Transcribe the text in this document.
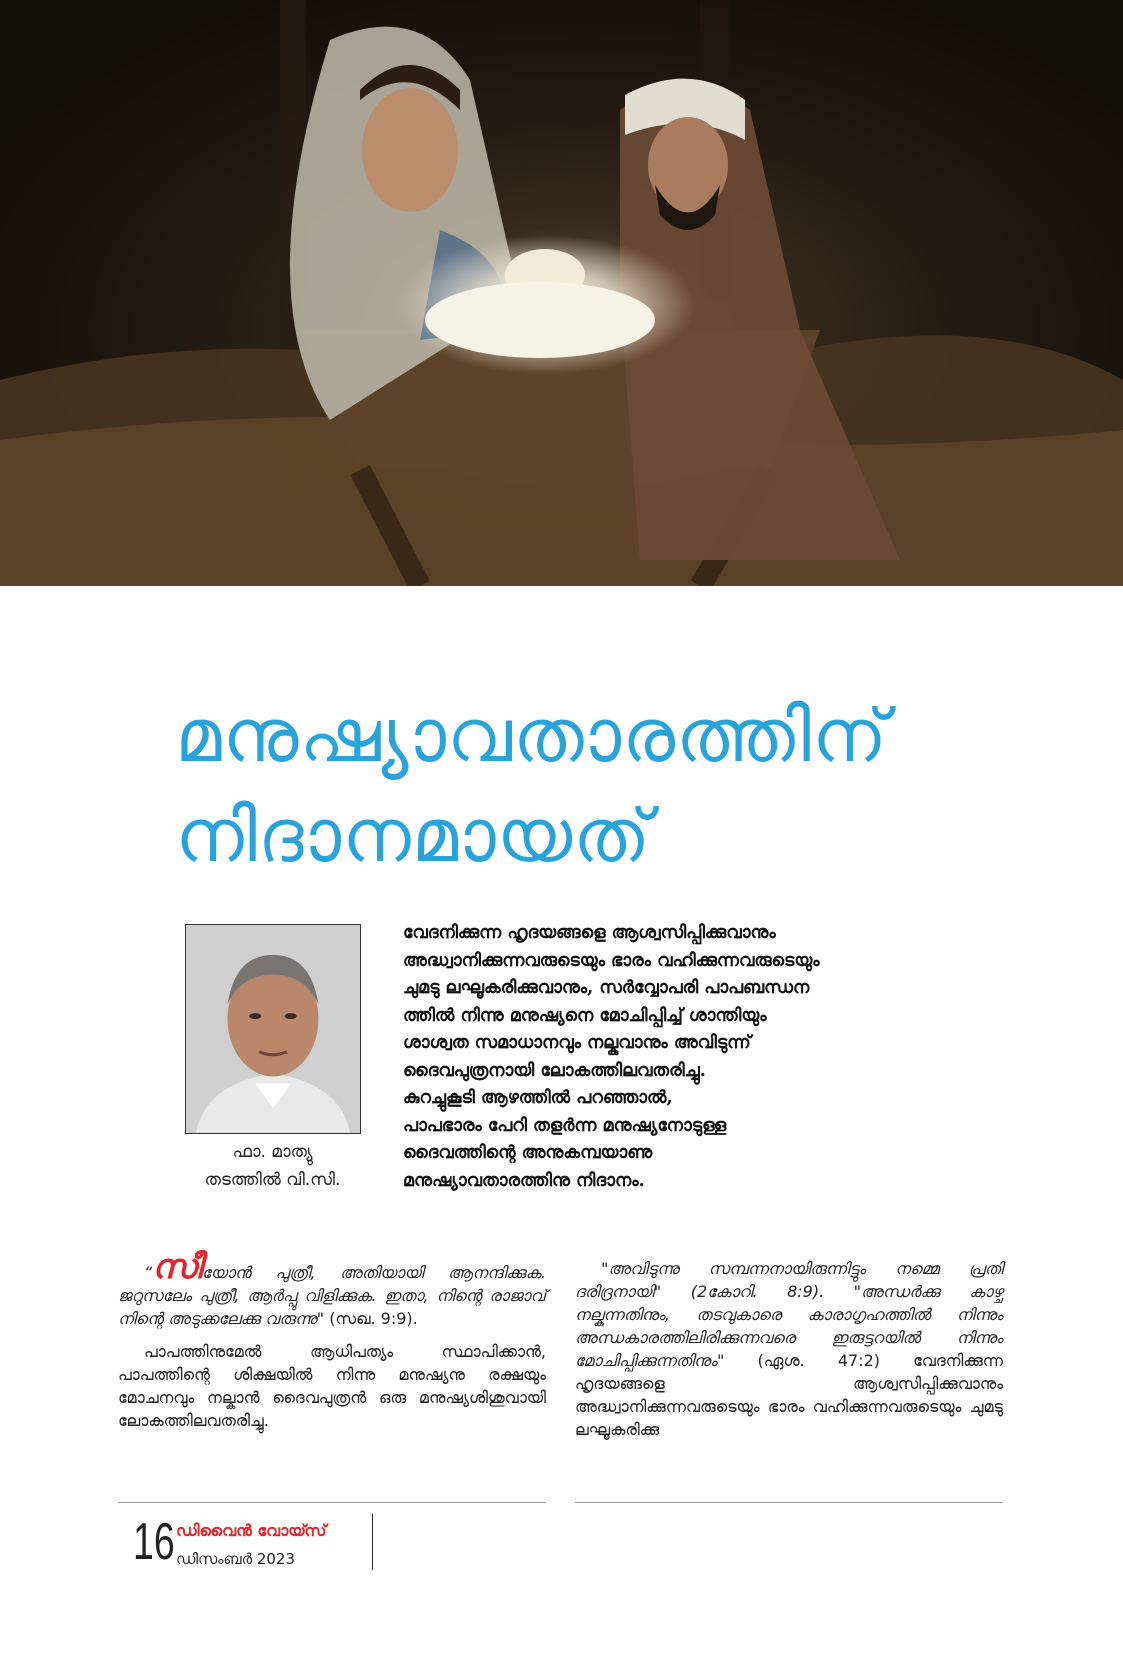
മനുഷ്യാവതാരത്തിന്
നിദാനമായത്
ഫാ. മാത്യു
തടത്തിൽ വി.സി.
വേദനിക്കുന്ന ഹൃദയങ്ങളെ ആശ്വസിപ്പിക്കുവാനും
അദ്ധ്വാനിക്കുന്നവരുടെയും ഭാരം വഹിക്കുന്നവരുടെയും
ചുമടു ലഘൂകരിക്കുവാനും, സർവ്വോപരി പാപബന്ധന
ത്തിൽ നിന്നു മനുഷ്യനെ മോചിപ്പിച്ച് ശാന്തിയും
ശാശ്വത സമാധാനവും നല്കുവാനും അവിടുന്ന്
ദൈവപുത്രനായി ലോകത്തിലവതരിച്ചു.
കുറച്ചുകൂടി ആഴത്തിൽ പറഞ്ഞാൽ,
പാപഭാരം പേറി തളർന്ന മനുഷ്യനോടുള്ള
ദൈവത്തിന്റെ അനുകമ്പയാണു
മനുഷ്യാവതാരത്തിനു നിദാനം.

“സീയോൻ പുത്രീ, അതിയായി ആനന്ദിക്കുക. ജറുസലേം പുത്രീ, ആർപ്പു വിളിക്കുക. ഇതാ, നിന്റെ രാജാവ് നിന്റെ അടുക്കലേക്കു വരുന്നു" (സഖ. 9:9).

പാപത്തിനുമേൽ ആധിപത്യം സ്ഥാപിക്കാൻ, പാപത്തിന്റെ ശിക്ഷയിൽ നിന്നു മനുഷ്യനു രക്ഷയും മോചനവും നല്കാൻ ദൈവപുത്രൻ ഒരു മനുഷ്യശിശുവായി ലോകത്തിലവതരിച്ചു.

"അവിടുന്നു സമ്പന്നനായിരുന്നിട്ടും നമ്മെ പ്രതി ദരിദ്രനായി" (2കോറി. 8:9). "അന്ധർക്കു കാഴ്ച നല്കുന്നതിനും, തടവുകാരെ കാരാഗൃഹത്തിൽ നിന്നും അന്ധകാരത്തിലിരിക്കുന്നവരെ ഇരുട്ടറയിൽ നിന്നും മോചിപ്പിക്കുന്നതിനും" (ഏശ. 47:2) വേദനിക്കുന്ന ഹൃദയങ്ങളെ ആശ്വസിപ്പിക്കുവാനും അദ്ധ്വാനിക്കുന്നവരുടെയും ഭാരം വഹിക്കുന്നവരുടെയും ചുമടു ലഘൂകരിക്കു

16 ഡിവൈൻ വോയ്സ്
ഡിസംബർ 2023
